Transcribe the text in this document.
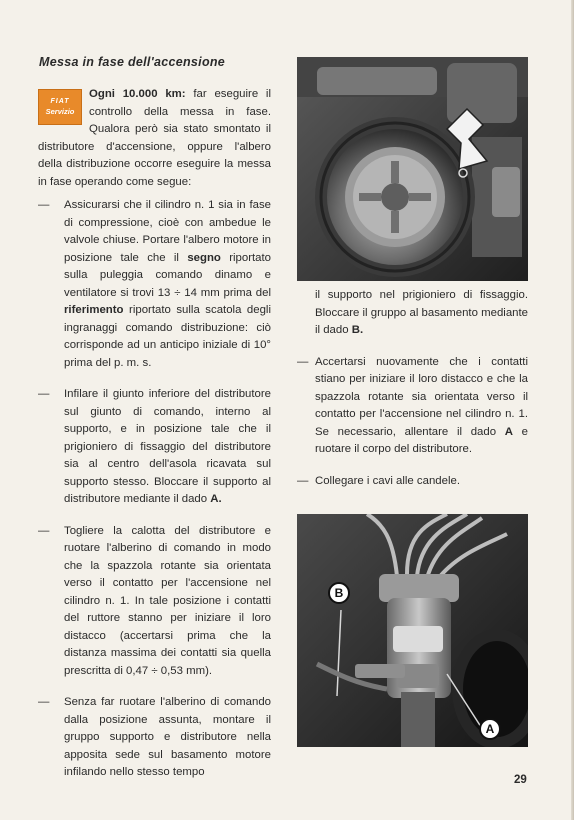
Messa in fase dell'accensione

FIAT
Servizio
Ogni 10.000 km: far eseguire il controllo della messa in fase. Qualora però sia stato smontato il distributore d'accensione, oppure l'albero della distribuzione occorre eseguire la messa in fase operando come segue:

— Assicurarsi che il cilindro n. 1 sia in fase di compressione, cioè con ambedue le valvole chiuse. Portare l'albero motore in posizione tale che il segno riportato sulla puleggia comando dinamo e ventilatore si trovi 13 ÷ 14 mm prima del riferimento riportato sulla scatola degli ingranaggi comando distribuzione: ciò corrisponde ad un anticipo iniziale di 10° prima del p. m. s.

— Infilare il giunto inferiore del distributore sul giunto di comando, interno al supporto, e in posizione tale che il prigioniero di fissaggio del distributore sia al centro dell'asola ricavata sul supporto stesso. Bloccare il supporto al distributore mediante il dado A.

— Togliere la calotta del distributore e ruotare l'alberino di comando in modo che la spazzola rotante sia orientata verso il contatto per l'accensione nel cilindro n. 1. In tale posizione i contatti del ruttore stanno per iniziare il loro distacco (accertarsi prima che la distanza massima dei contatti sia quella prescritta di 0,47 ÷ 0,53 mm).

— Senza far ruotare l'alberino di comando dalla posizione assunta, montare il gruppo supporto e distributore nella apposita sede sul basamento motore infilando nello stesso tempo

il supporto nel prigioniero di fissaggio. Bloccare il gruppo al basamento mediante il dado B.

— Accertarsi nuovamente che i contatti stiano per iniziare il loro distacco e che la spazzola rotante sia orientata verso il contatto per l'accensione nel cilindro n. 1. Se necessario, allentare il dado A e ruotare il corpo del distributore.

— Collegare i cavi alle candele.

B
A
29
